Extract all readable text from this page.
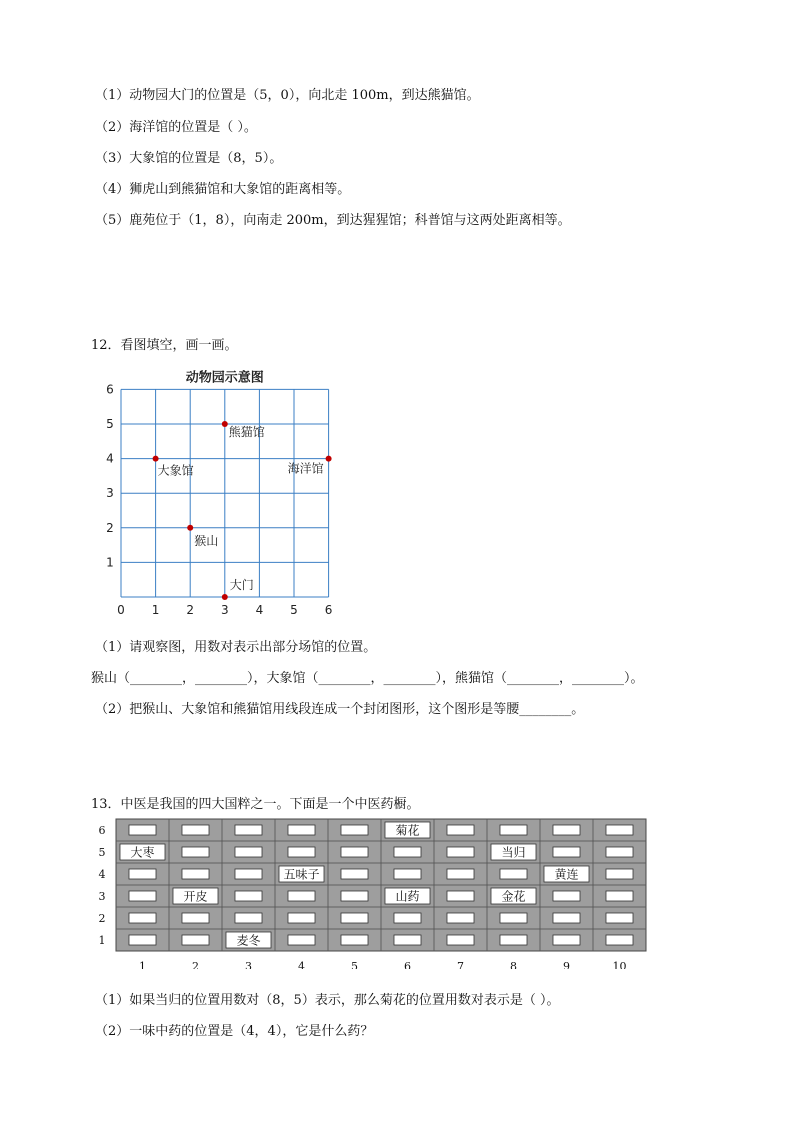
（1）动物园大门的位置是（5，0），向北走 100m，到达熊猫馆。
（2）海洋馆的位置是（ ）。
（3）大象馆的位置是（8，5）。
（4）狮虎山到熊猫馆和大象馆的距离相等。
（5）鹿苑位于（1，8），向南走 200m，到达猩猩馆；科普馆与这两处距离相等。
12．看图填空，画一画。
动物园示意图
0 1 2 3 4 5 6
1
2
3
4
5
6
熊猫馆
大象馆	海洋馆
猴山
大门
（1）请观察图，用数对表示出部分场馆的位置。
猴山（________，________），大象馆（________，________），熊猫馆（________，________）。
（2）把猴山、大象馆和熊猫馆用线段连成一个封闭图形，这个图形是等腰________。
13．中医是我国的四大国粹之一。下面是一个中医药橱。
菊花
6
大枣	当归
5
五味子	黄连
4
开皮	山药	金花
3
2
麦冬
1
1	2	3	4	5	6	7	8	9	10
（1）如果当归的位置用数对（8，5）表示，那么菊花的位置用数对表示是（ ）。
（2）一味中药的位置是（4，4），它是什么药？
